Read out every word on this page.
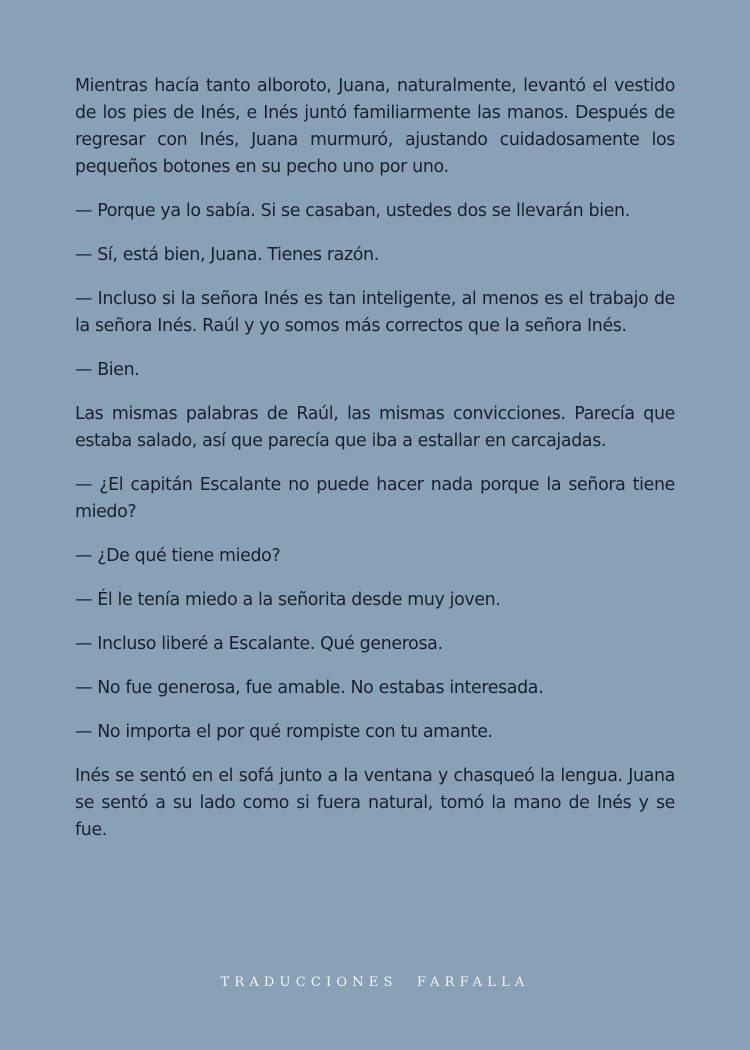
Mientras hacía tanto alboroto, Juana, naturalmente, levantó el vestido de los pies de Inés, e Inés juntó familiarmente las manos. Después de regresar con Inés, Juana murmuró, ajustando cuidadosamente los pequeños botones en su pecho uno por uno.

— Porque ya lo sabía. Si se casaban, ustedes dos se llevarán bien.

— Sí, está bien, Juana. Tienes razón.

— Incluso si la señora Inés es tan inteligente, al menos es el trabajo de la señora Inés. Raúl y yo somos más correctos que la señora Inés.

— Bien.

Las mismas palabras de Raúl, las mismas convicciones. Parecía que estaba salado, así que parecía que iba a estallar en carcajadas.

— ¿El capitán Escalante no puede hacer nada porque la señora tiene miedo?

— ¿De qué tiene miedo?

— Él le tenía miedo a la señorita desde muy joven.

— Incluso liberé a Escalante. Qué generosa.

— No fue generosa, fue amable. No estabas interesada.

— No importa el por qué rompiste con tu amante.

Inés se sentó en el sofá junto a la ventana y chasqueó la lengua. Juana se sentó a su lado como si fuera natural, tomó la mano de Inés y se fue.

TRADUCCIONES FARFALLA
